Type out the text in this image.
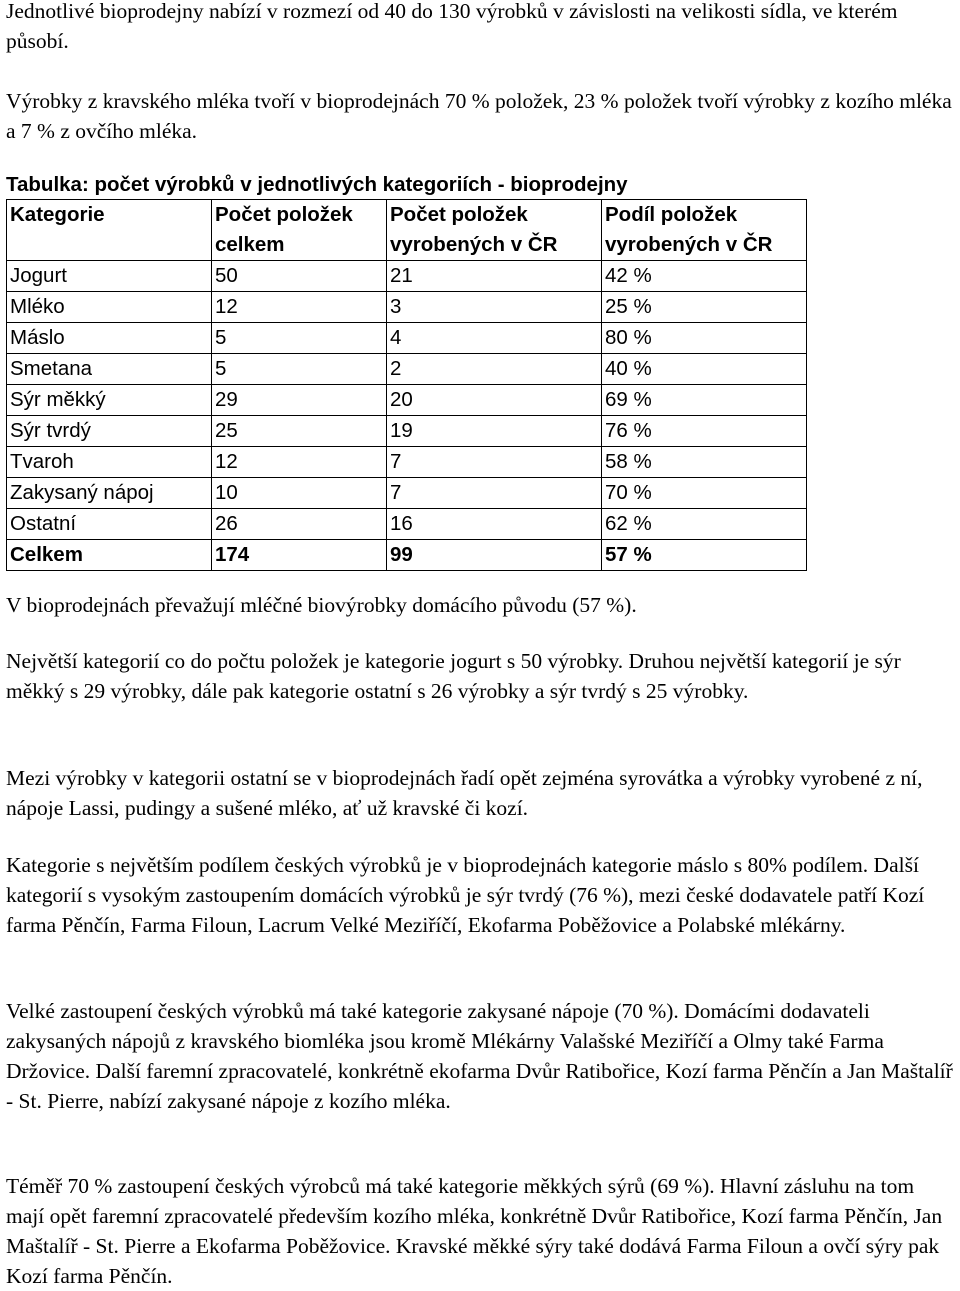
Jednotlivé bioprodejny nabízí v rozmezí od 40 do 130 výrobků v závislosti na velikosti sídla, ve kterém působí.

Výrobky z kravského mléka tvoří v bioprodejnách 70 % položek, 23 % položek tvoří výrobky z kozího mléka a 7 % z ovčího mléka.

Tabulka: počet výrobků v jednotlivých kategoriích - bioprodejny
Kategorie	Počet položek celkem	Počet položek vyrobených v ČR	Podíl položek vyrobených v ČR
Jogurt	50	21	42 %
Mléko	12	3	25 %
Máslo	5	4	80 %
Smetana	5	2	40 %
Sýr měkký	29	20	69 %
Sýr tvrdý	25	19	76 %
Tvaroh	12	7	58 %
Zakysaný nápoj	10	7	70 %
Ostatní	26	16	62 %
Celkem	174	99	57 %

V bioprodejnách převažují mléčné biovýrobky domácího původu (57 %).

Největší kategorií co do počtu položek je kategorie jogurt s 50 výrobky. Druhou největší kategorií je sýr měkký s 29 výrobky, dále pak kategorie ostatní s 26 výrobky a sýr tvrdý s 25 výrobky.

Mezi výrobky v kategorii ostatní se v bioprodejnách řadí opět zejména syrovátka a výrobky vyrobené z ní, nápoje Lassi, pudingy a sušené mléko, ať už kravské či kozí.

Kategorie s největším podílem českých výrobků je v bioprodejnách kategorie máslo s 80% podílem. Další kategorií s vysokým zastoupením domácích výrobků je sýr tvrdý (76 %), mezi české dodavatele patří Kozí farma Pěnčín, Farma Filoun, Lacrum Velké Meziříčí, Ekofarma Poběžovice a Polabské mlékárny.

Velké zastoupení českých výrobků má také kategorie zakysané nápoje (70 %). Domácími dodavateli zakysaných nápojů z kravského biomléka jsou kromě Mlékárny Valašské Meziříčí a Olmy také Farma Držovice. Další faremní zpracovatelé, konkrétně ekofarma Dvůr Ratibořice, Kozí farma Pěnčín a Jan Maštalíř - St. Pierre, nabízí zakysané nápoje z kozího mléka.

Téměř 70 % zastoupení českých výrobců má také kategorie měkkých sýrů (69 %). Hlavní zásluhu na tom mají opět faremní zpracovatelé především kozího mléka, konkrétně Dvůr Ratibořice, Kozí farma Pěnčín, Jan Maštalíř - St. Pierre a Ekofarma Poběžovice. Kravské měkké sýry také dodává Farma Filoun a ovčí sýry pak Kozí farma Pěnčín.
